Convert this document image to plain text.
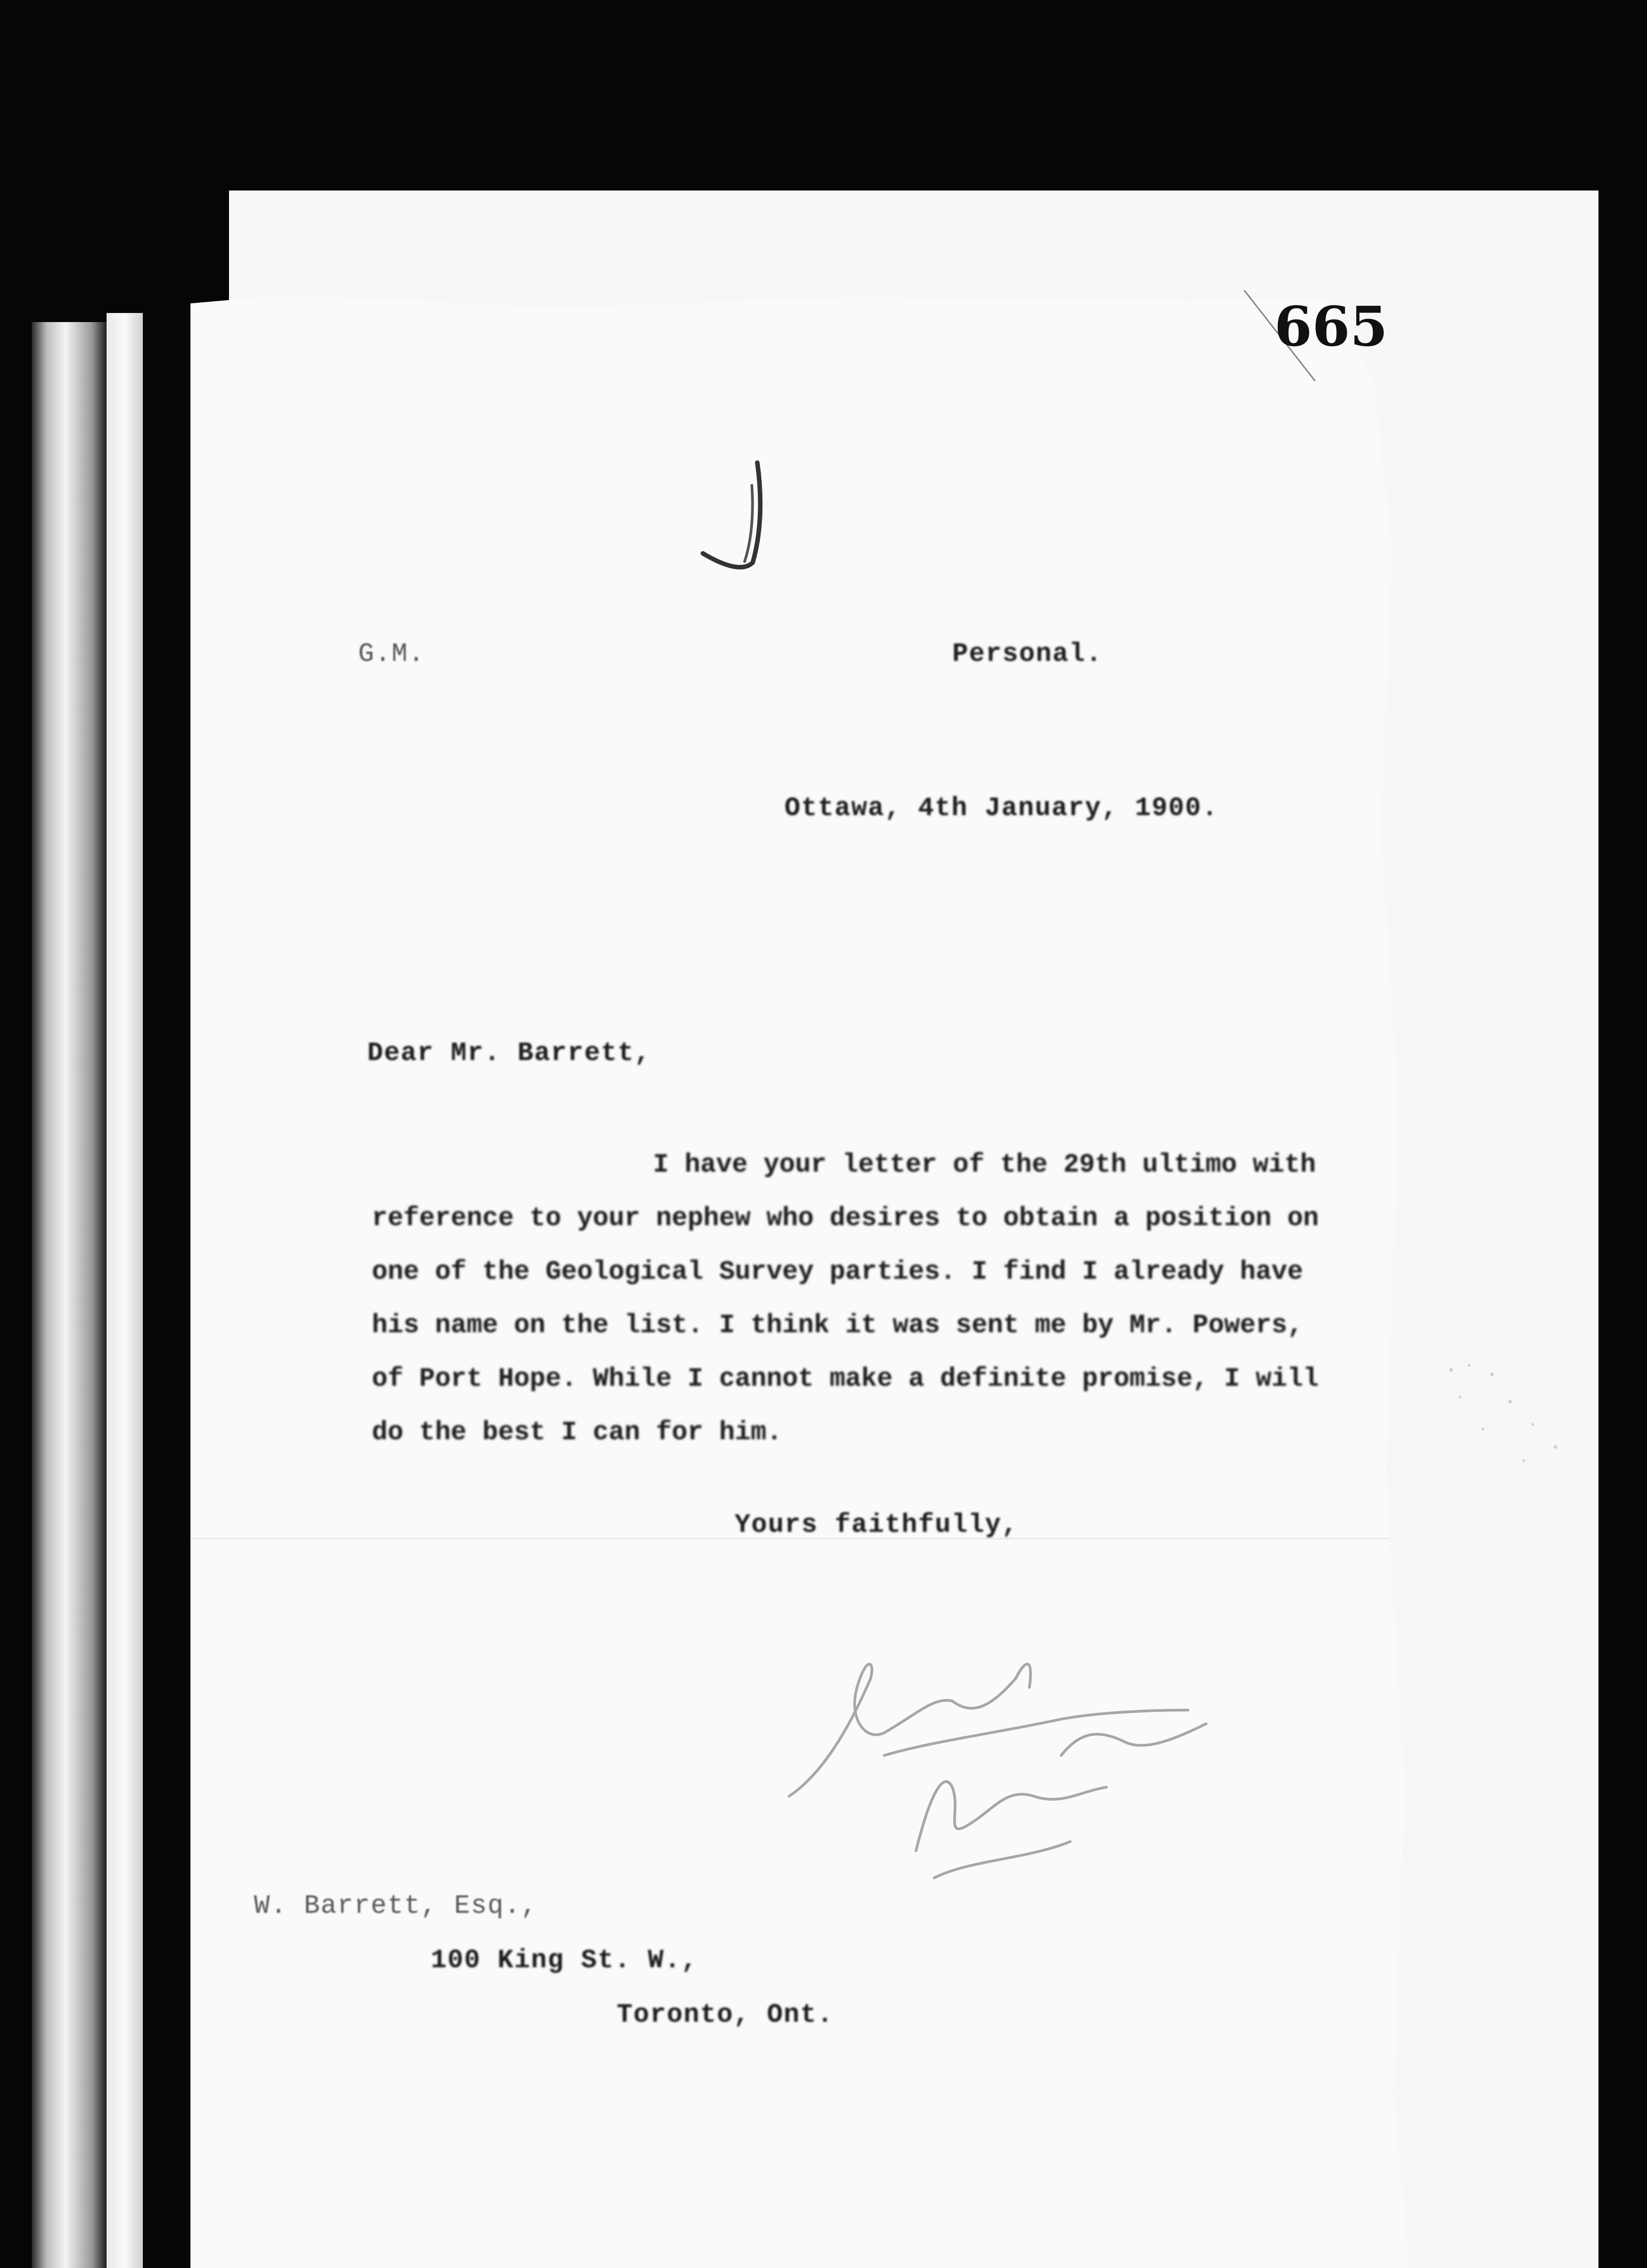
665
G.M.	Personal.
Ottawa, 4th January, 1900.
Dear Mr. Barrett,
I have your letter of the 29th ultimo with
reference to your nephew who desires to obtain a position on
one of the Geological Survey parties. I find I already have
his name on the list. I think it was sent me by Mr. Powers,
of Port Hope. While I cannot make a definite promise, I will
do the best I can for him.
Yours faithfully,
W. Barrett, Esq.,
100 King St. W.,
Toronto, Ont.
